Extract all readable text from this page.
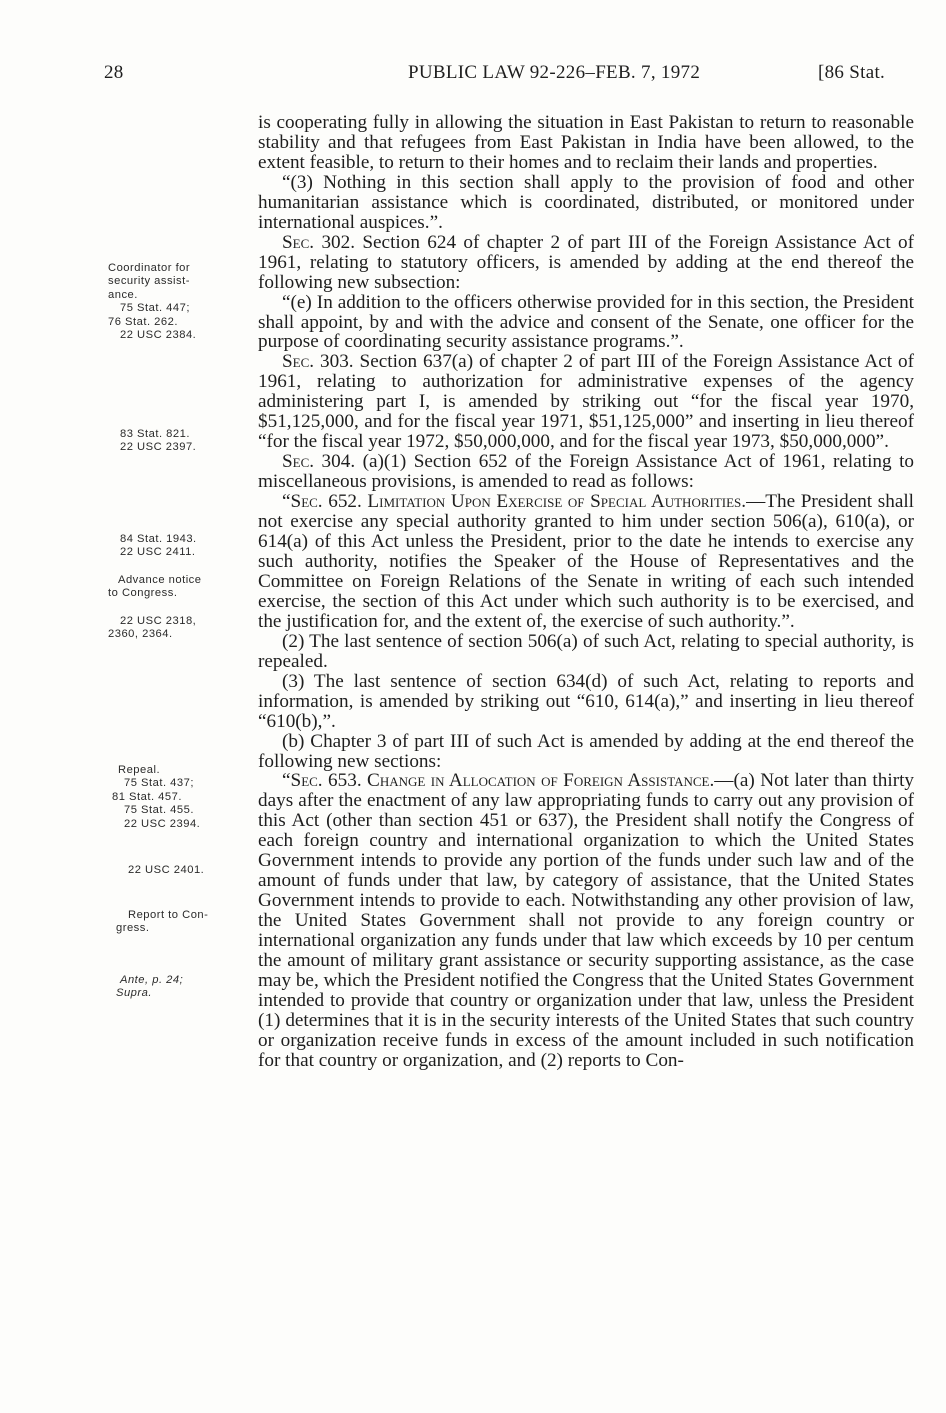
28	PUBLIC LAW 92-226–FEB. 7, 1972	[86 Stat.
Coordinator for
security assist-
ance.
75 Stat. 447;
76 Stat. 262.
22 USC 2384.
83 Stat. 821.
22 USC 2397.
84 Stat. 1943.
22 USC 2411.
Advance notice
to Congress.
22 USC 2318,
2360, 2364.
Repeal.
75 Stat. 437;
81 Stat. 457.
75 Stat. 455.
22 USC 2394.
22 USC 2401.
Report to Con-
gress.
Ante, p. 24;
Supra.

is cooperating fully in allowing the situation in East Pakistan to return to reasonable stability and that refugees from East Pakistan in India have been allowed, to the extent feasible, to return to their homes and to reclaim their lands and properties.

“(3) Nothing in this section shall apply to the provision of food and other humanitarian assistance which is coordinated, distributed, or monitored under international auspices.”.

Sec. 302. Section 624 of chapter 2 of part III of the Foreign Assistance Act of 1961, relating to statutory officers, is amended by adding at the end thereof the following new subsection:

“(e) In addition to the officers otherwise provided for in this section, the President shall appoint, by and with the advice and consent of the Senate, one officer for the purpose of coordinating security assistance programs.”.

Sec. 303. Section 637(a) of chapter 2 of part III of the Foreign Assistance Act of 1961, relating to authorization for administrative expenses of the agency administering part I, is amended by striking out “for the fiscal year 1970, $51,125,000, and for the fiscal year 1971, $51,125,000” and inserting in lieu thereof “for the fiscal year 1972, $50,000,000, and for the fiscal year 1973, $50,000,000”.

Sec. 304. (a)(1) Section 652 of the Foreign Assistance Act of 1961, relating to miscellaneous provisions, is amended to read as follows:

“Sec. 652. Limitation Upon Exercise of Special Authorities.—The President shall not exercise any special authority granted to him under section 506(a), 610(a), or 614(a) of this Act unless the President, prior to the date he intends to exercise any such authority, notifies the Speaker of the House of Representatives and the Committee on Foreign Relations of the Senate in writing of each such intended exercise, the section of this Act under which such authority is to be exercised, and the justification for, and the extent of, the exercise of such authority.”.

(2) The last sentence of section 506(a) of such Act, relating to special authority, is repealed.

(3) The last sentence of section 634(d) of such Act, relating to reports and information, is amended by striking out “610, 614(a),” and inserting in lieu thereof “610(b),”.

(b) Chapter 3 of part III of such Act is amended by adding at the end thereof the following new sections:

“Sec. 653. Change in Allocation of Foreign Assistance.—(a) Not later than thirty days after the enactment of any law appropriating funds to carry out any provision of this Act (other than section 451 or 637), the President shall notify the Congress of each foreign country and international organization to which the United States Government intends to provide any portion of the funds under such law and of the amount of funds under that law, by category of assistance, that the United States Government intends to provide to each. Notwithstanding any other provision of law, the United States Government shall not provide to any foreign country or international organization any funds under that law which exceeds by 10 per centum the amount of military grant assistance or security supporting assistance, as the case may be, which the President notified the Congress that the United States Government intended to provide that country or organization under that law, unless the President (1) determines that it is in the security interests of the United States that such country or organization receive funds in excess of the amount included in such notification for that country or organization, and (2) reports to Con-
